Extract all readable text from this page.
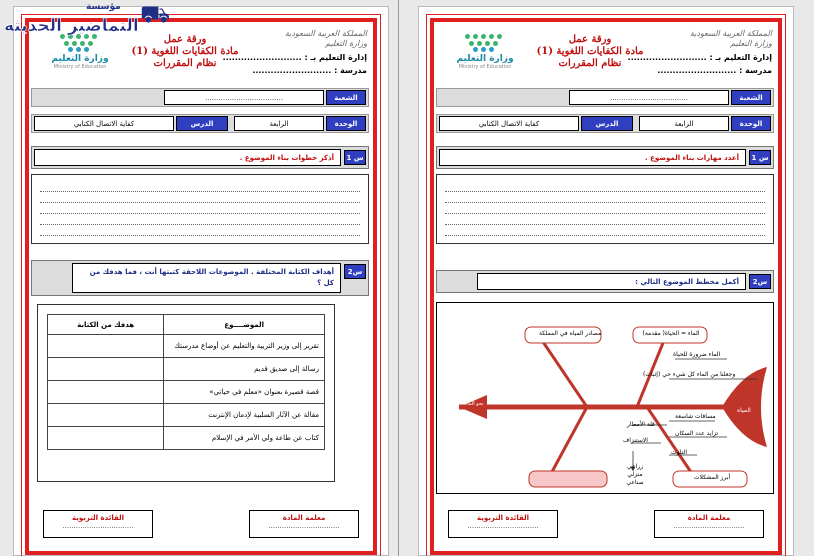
مؤسسة
التماضير الحديثة ⛟
المملكة العربية السعودية
وزارة التعليم
إدارة التعليم بـ : ..........................
مدرسة : ..........................
ورقة عمل
مادة الكفايات اللغوية (1)
نظام المقررات
وزارة التعليم
Ministry of Education
الشعبة
...................................
الوحدة
الرابعة
الدرس
كفاية الاتصال الكتابي
س 1
أذكر خطوات بناء الموضوع .
س2
أهداف الكتابة المختلفة . الموضوعات اللاحقة كتبتها أنت ، فما هدفك من كل ؟
الموضــــوع	هدفك من الكتابة
تقرير إلى وزير التربية والتعليم عن أوضاع مدرستك	
رسالة إلى صديق قديم	
قصة قصيرة بعنوان «معلم في حياتي»	
مقالة عن الآثار السلبية لإدمان الإنترنت	
كتاب عن طاعة ولي الأمر في الإسلام	
معلمة المادة
................................
القائدة التربوية
................................
المملكة العربية السعودية
وزارة التعليم
إدارة التعليم بـ : ..........................
مدرسة : ..........................
ورقة عمل
مادة الكفايات اللغوية (1)
نظام المقررات
وزارة التعليم
Ministry of Education
الشعبة
...................................
الوحدة
الرابعة
الدرس
كفاية الاتصال الكتابي
س 1
أعدد مهارات بناء الموضوع .
س2
أكمل مخطط الموضوع التالي :
مصادر المياه في المملكة	الماء = الحياة( مقدمة)
الماء ضرورة للحياة
وجعلنا من الماء كل شيء حي (إثبات)
المياه
نحو الماء
قلة الأمطار
مسافات شاسعة
تزايد عدد السكان
الاستنزاف
التلوث
زراعي
منزلي
صناعي
أبرز المشكلات
معلمة المادة
................................
القائدة التربوية
................................
